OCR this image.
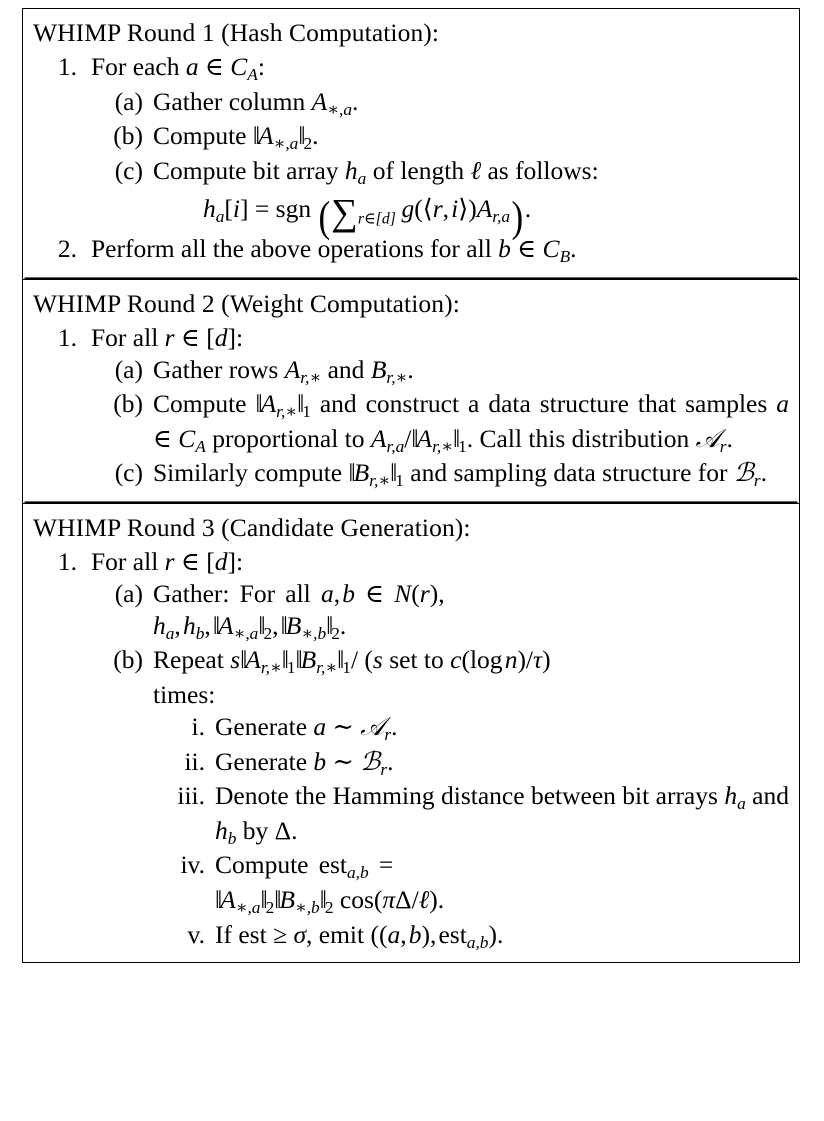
WHIMP Round 1 (Hash Computation):
1. For each a ∈ $C_A$:
(a) Gather column $A_{∗,a}$.
(b) Compute $‖A_{∗,a}‖2$.
(c) Compute bit array $h_a$ of length ℓ as follows:
$h_a[i]$ = sgn ($\sum_{r\in[d]}$ g(⟨r, $i⟩)A_{r,a}$).
2. Perform all the above operations for all b ∈ $C_B$.
WHIMP Round 2 (Weight Computation):
1. For all r ∈ [d]:
(a) Gather rows $A_{r,∗}$ and $B_{r,∗}$.
(b) Compute $‖A_{r,∗}‖1$ and construct a data struc​ture that samples a ∈ $C_A$ proportional to $A_{r,a}/‖A_{r,∗}‖1$. Call this distribution 𝒜$_r$.
(c) Similarly compute $‖B_{r,∗}‖1$ and sampling data structure for ℬ$_r$.
WHIMP Round 3 (Candidate Generation):
1. For all r ∈ [d]:
(a) Gather: For all a, b ∈ N(r),
$h_a$, $h_b$, $‖A_{∗,a}‖2$, $‖B_{∗,b}‖2$.
(b) Repeat $s‖A_{r,∗}‖1‖B_{r,∗}‖1/$ (s set to c(log n)/τ)
times:
i. Generate a ∼ 𝒜$_r$.
ii. Generate b ∼ ℬ$_r$.
iii. Denote the Hamming distance between bit arrays $h_a$ and $h_b$ by Δ.
iv. Compute est$_{a,b}$ =
$‖A_{∗,a}‖2‖B_{∗,b}‖2$ cos(πΔ/ℓ).
v. If est ≥ σ, emit ((a, b), est$_{a,b}$).
